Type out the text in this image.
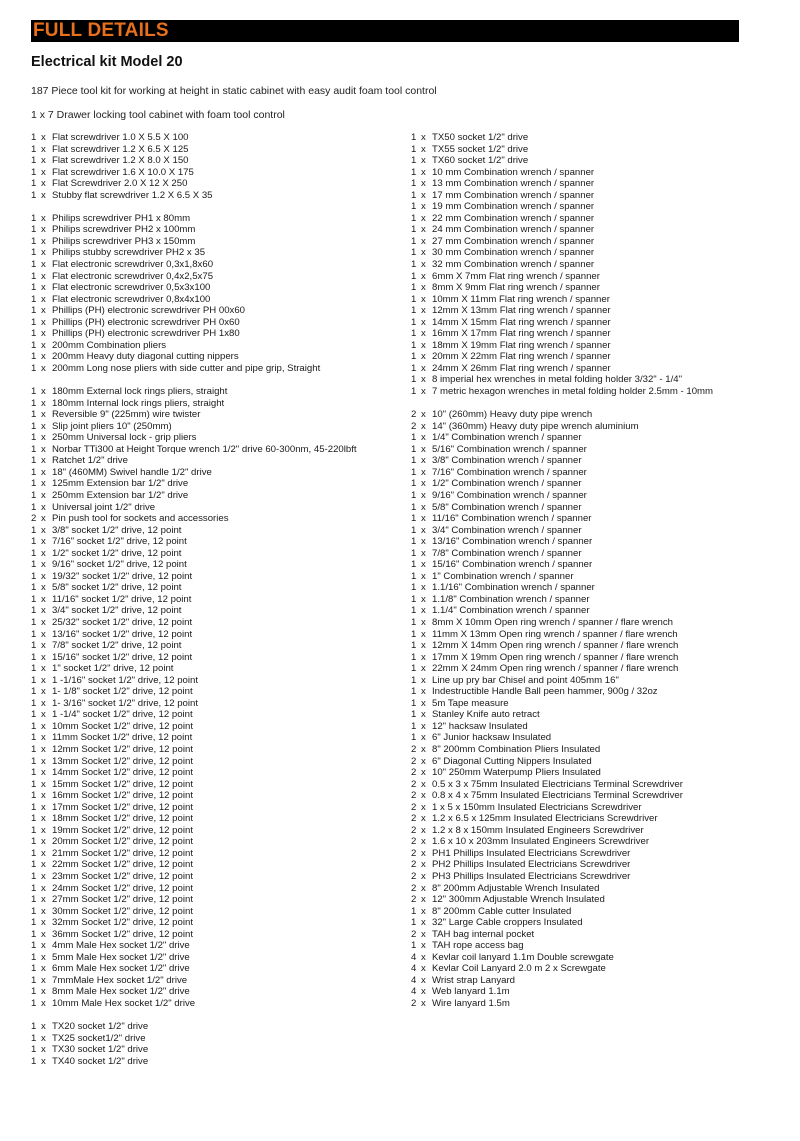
FULL DETAILS
Electrical kit Model 20
187 Piece tool kit for working at height in static cabinet with easy audit foam tool control
1 x 7 Drawer locking tool cabinet with foam tool control
1 x Flat screwdriver 1.0 X 5.5 X 100
1 x Flat screwdriver 1.2 X 6.5 X 125
1 x Flat screwdriver 1.2 X 8.0 X 150
1 x Flat screwdriver 1.6 X 10.0 X 175
1 x Flat Screwdriver 2.0 X 12 X 250
1 x Stubby flat screwdriver 1.2 X 6.5 X 35
1 x Philips screwdriver PH1 x 80mm
1 x Philips screwdriver PH2 x 100mm
1 x Philips screwdriver PH3 x 150mm
1 x Philips stubby screwdriver PH2 x 35
1 x Flat electronic screwdriver 0,3x1,8x60
1 x Flat electronic screwdriver 0,4x2,5x75
1 x Flat electronic screwdriver 0,5x3x100
1 x Flat electronic screwdriver 0,8x4x100
1 x Phillips (PH) electronic screwdriver PH 00x60
1 x Phillips (PH) electronic screwdriver PH 0x60
1 x Phillips (PH) electronic screwdriver PH 1x80
1 x 200mm Combination pliers
1 x 200mm Heavy duty diagonal cutting nippers
1 x 200mm Long nose pliers with side cutter and pipe grip, Straight
1 x 180mm External lock rings pliers, straight
1 x 180mm Internal lock rings pliers, straight
1 x Reversible 9" (225mm) wire twister
1 x Slip joint pliers 10" (250mm)
1 x 250mm Universal lock - grip pliers
1 x Norbar TTi300 at Height Torque wrench 1/2" drive 60-300nm, 45-220lbft
1 x Ratchet 1/2" drive
1 x 18" (460MM) Swivel handle 1/2" drive
1 x 125mm Extension bar 1/2" drive
1 x 250mm Extension bar 1/2" drive
1 x Universal joint 1/2" drive
2 x Pin push tool for sockets and accessories
1 x 3/8" socket 1/2" drive, 12 point
1 x 7/16" socket 1/2" drive, 12 point
1 x 1/2" socket 1/2" drive, 12 point
1 x 9/16" socket 1/2" drive, 12 point
1 x 19/32" socket 1/2" drive, 12 point
1 x 5/8" socket 1/2" drive, 12 point
1 x 11/16" socket 1/2" drive, 12 point
1 x 3/4" socket 1/2" drive, 12 point
1 x 25/32" socket 1/2" drive, 12 point
1 x 13/16" socket 1/2" drive, 12 point
1 x 7/8" socket 1/2" drive, 12 point
1 x 15/16" socket 1/2" drive, 12 point
1 x 1" socket 1/2" drive, 12 point
1 x 1 -1/16" socket 1/2" drive, 12 point
1 x 1- 1/8" socket 1/2" drive, 12 point
1 x 1- 3/16" socket 1/2" drive, 12 point
1 x 1 -1/4" socket 1/2" drive, 12 point
1 x 10mm Socket 1/2" drive, 12 point
1 x 11mm Socket 1/2" drive, 12 point
1 x 12mm Socket 1/2" drive, 12 point
1 x 13mm Socket 1/2" drive, 12 point
1 x 14mm Socket 1/2" drive, 12 point
1 x 15mm Socket 1/2" drive, 12 point
1 x 16mm Socket 1/2" drive, 12 point
1 x 17mm Socket 1/2" drive, 12 point
1 x 18mm Socket 1/2" drive, 12 point
1 x 19mm Socket 1/2" drive, 12 point
1 x 20mm Socket 1/2" drive, 12 point
1 x 21mm Socket 1/2" drive, 12 point
1 x 22mm Socket 1/2" drive, 12 point
1 x 23mm Socket 1/2" drive, 12 point
1 x 24mm Socket 1/2" drive, 12 point
1 x 27mm Socket 1/2" drive, 12 point
1 x 30mm Socket 1/2" drive, 12 point
1 x 32mm Socket 1/2" drive, 12 point
1 x 36mm Socket 1/2" drive, 12 point
1 x 4mm Male Hex socket 1/2" drive
1 x 5mm Male Hex socket 1/2" drive
1 x 6mm Male Hex socket 1/2" drive
1 x 7mmMale Hex socket 1/2" drive
1 x 8mm Male Hex socket 1/2" drive
1 x 10mm Male Hex socket 1/2" drive
1 x TX20 socket 1/2" drive
1 x TX25 socket1/2" drive
1 x TX30 socket 1/2" drive
1 x TX40 socket 1/2" drive
1 x TX50 socket 1/2" drive
1 x TX55 socket 1/2" drive
1 x TX60 socket 1/2" drive
1 x 10 mm Combination wrench / spanner
1 x 13 mm Combination wrench / spanner
1 x 17 mm Combination wrench / spanner
1 x 19 mm Combination wrench / spanner
1 x 22 mm Combination wrench / spanner
1 x 24 mm Combination wrench / spanner
1 x 27 mm Combination wrench / spanner
1 x 30 mm Combination wrench / spanner
1 x 32 mm Combination wrench / spanner
1 x 6mm X 7mm Flat ring wrench / spanner
1 x 8mm X 9mm Flat ring wrench / spanner
1 x 10mm X 11mm Flat ring wrench / spanner
1 x 12mm X 13mm Flat ring wrench / spanner
1 x 14mm X 15mm Flat ring wrench / spanner
1 x 16mm X 17mm Flat ring wrench / spanner
1 x 18mm X 19mm Flat ring wrench / spanner
1 x 20mm X 22mm Flat ring wrench / spanner
1 x 24mm X 26mm Flat ring wrench / spanner
1 x 8 imperial hex wrenches in metal folding holder 3/32" - 1/4"
1 x 7 metric hexagon wrenches in metal folding holder 2.5mm - 10mm
2 x 10" (260mm) Heavy duty pipe wrench
2 x 14" (360mm) Heavy duty pipe wrench aluminium
1 x 1/4" Combination wrench / spanner
1 x 5/16" Combination wrench / spanner
1 x 3/8" Combination wrench / spanner
1 x 7/16" Combination wrench / spanner
1 x 1/2" Combination wrench / spanner
1 x 9/16" Combination wrench / spanner
1 x 5/8" Combination wrench / spanner
1 x 11/16" Combination wrench / spanner
1 x 3/4" Combination wrench / spanner
1 x 13/16" Combination wrench / spanner
1 x 7/8" Combination wrench / spanner
1 x 15/16" Combination wrench / spanner
1 x 1" Combination wrench / spanner
1 x 1.1/16" Combination wrench / spanner
1 x 1.1/8" Combination wrench / spanner
1 x 1.1/4" Combination wrench / spanner
1 x 8mm X 10mm Open ring wrench / spanner / flare wrench
1 x 11mm X 13mm Open ring wrench / spanner / flare wrench
1 x 12mm X 14mm Open ring wrench / spanner / flare wrench
1 x 17mm X 19mm Open ring wrench / spanner / flare wrench
1 x 22mm X 24mm Open ring wrench / spanner / flare wrench
1 x Line up pry bar Chisel and point 405mm 16"
1 x Indestructible Handle Ball peen hammer, 900g / 32oz
1 x 5m Tape measure
1 x Stanley Knife auto retract
1 x 12" hacksaw Insulated
1 x 6" Junior hacksaw Insulated
2 x 8" 200mm Combination Pliers Insulated
2 x 6" Diagonal Cutting Nippers Insulated
2 x 10" 250mm Waterpump Pliers Insulated
2 x 0.5 x 3 x 75mm Insulated Electricians Terminal Screwdriver
2 x 0.8 x 4 x 75mm Insulated Electricians Terminal Screwdriver
2 x 1 x 5 x 150mm Insulated Electricians Screwdriver
2 x 1.2 x 6.5 x 125mm Insulated Electricians Screwdriver
2 x 1.2 x 8 x 150mm Insulated Engineers Screwdriver
2 x 1.6 x 10 x 203mm Insulated Engineers Screwdriver
2 x PH1 Phillips Insulated Electricians Screwdriver
2 x PH2 Phillips Insulated Electricians Screwdriver
2 x PH3 Phillips Insulated Electricians Screwdriver
2 x 8" 200mm Adjustable Wrench Insulated
2 x 12" 300mm Adjustable Wrench Insulated
1 x 8" 200mm Cable cutter Insulated
1 x 32" Large Cable croppers Insulated
2 x TAH bag internal pocket
1 x TAH rope access bag
4 x Kevlar coil lanyard 1.1m Double screwgate
4 x Kevlar Coil Lanyard 2.0 m 2 x Screwgate
4 x Wrist strap Lanyard
4 x Web lanyard 1.1m
2 x Wire lanyard 1.5m
